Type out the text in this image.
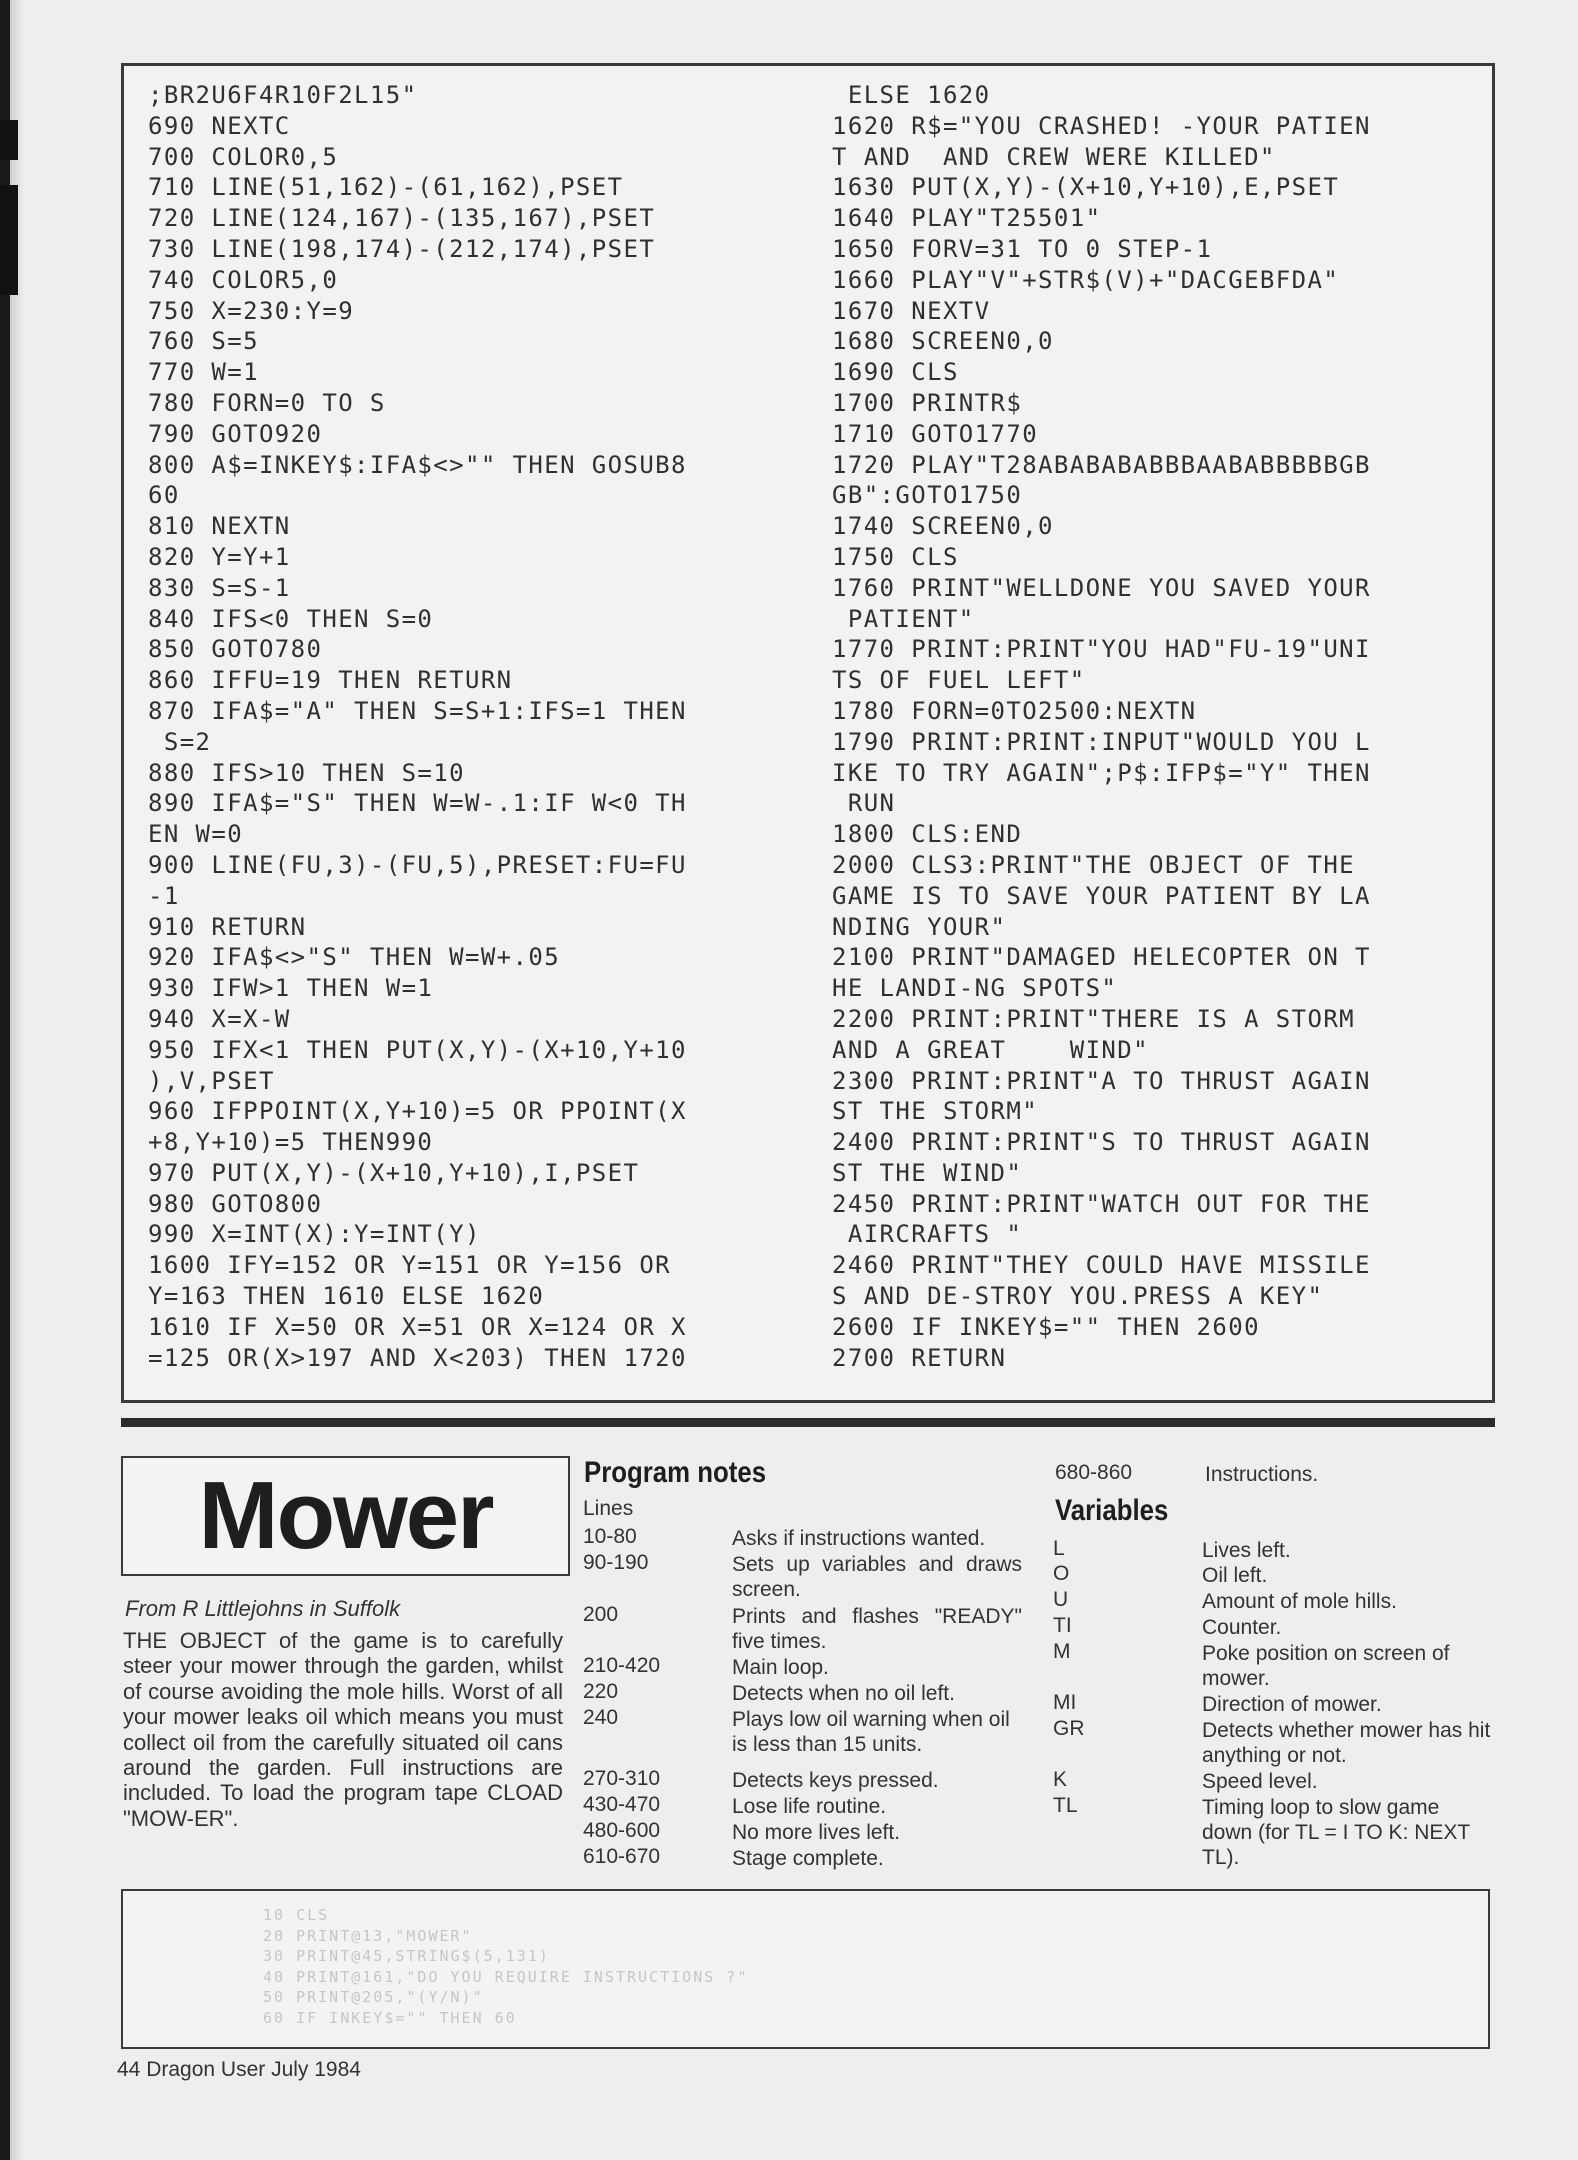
;BR2U6F4R10F2L15"
690 NEXTC
700 COLOR0,5
710 LINE(51,162)-(61,162),PSET
720 LINE(124,167)-(135,167),PSET
730 LINE(198,174)-(212,174),PSET
740 COLOR5,0
750 X=230:Y=9
760 S=5
770 W=1
780 FORN=0 TO S
790 GOTO920
800 A$=INKEY$:IFA$<>"" THEN GOSUB8
60
810 NEXTN
820 Y=Y+1
830 S=S-1
840 IFS<0 THEN S=0
850 GOTO780
860 IFFU=19 THEN RETURN
870 IFA$="A" THEN S=S+1:IFS=1 THEN
S=2
880 IFS>10 THEN S=10
890 IFA$="S" THEN W=W-.1:IF W<0 TH
EN W=0
900 LINE(FU,3)-(FU,5),PRESET:FU=FU
-1
910 RETURN
920 IFA$<>"S" THEN W=W+.05
930 IFW>1 THEN W=1
940 X=X-W
950 IFX<1 THEN PUT(X,Y)-(X+10,Y+10
),V,PSET
960 IFPPOINT(X,Y+10)=5 OR PPOINT(X
+8,Y+10)=5 THEN990
970 PUT(X,Y)-(X+10,Y+10),I,PSET
980 GOTO800
990 X=INT(X):Y=INT(Y)
1600 IFY=152 OR Y=151 OR Y=156 OR
Y=163 THEN 1610 ELSE 1620
1610 IF X=50 OR X=51 OR X=124 OR X
=125 OR(X>197 AND X<203) THEN 1720
ELSE 1620
1620 R$="YOU CRASHED! -YOUR PATIEN
T AND  AND CREW WERE KILLED"
1630 PUT(X,Y)-(X+10,Y+10),E,PSET
1640 PLAY"T25501"
1650 FORV=31 TO 0 STEP-1
1660 PLAY"V"+STR$(V)+"DACGEBFDA"
1670 NEXTV
1680 SCREEN0,0
1690 CLS
1700 PRINTR$
1710 GOTO1770
1720 PLAY"T28ABABABABBBAABABBBBBGB
GB":GOTO1750
1740 SCREEN0,0
1750 CLS
1760 PRINT"WELLDONE YOU SAVED YOUR
PATIENT"
1770 PRINT:PRINT"YOU HAD"FU-19"UNI
TS OF FUEL LEFT"
1780 FORN=0TO2500:NEXTN
1790 PRINT:PRINT:INPUT"WOULD YOU L
IKE TO TRY AGAIN";P$:IFP$="Y" THEN
RUN
1800 CLS:END
2000 CLS3:PRINT"THE OBJECT OF THE
GAME IS TO SAVE YOUR PATIENT BY LA
NDING YOUR"
2100 PRINT"DAMAGED HELECOPTER ON T
HE LANDI-NG SPOTS"
2200 PRINT:PRINT"THERE IS A STORM
AND A GREAT    WIND"
2300 PRINT:PRINT"A TO THRUST AGAIN
ST THE STORM"
2400 PRINT:PRINT"S TO THRUST AGAIN
ST THE WIND"
2450 PRINT:PRINT"WATCH OUT FOR THE
AIRCRAFTS "
2460 PRINT"THEY COULD HAVE MISSILE
S AND DE-STROY YOU.PRESS A KEY"
2600 IF INKEY$="" THEN 2600
2700 RETURN
Mower
From R Littlejohns in Suffolk
THE OBJECT of the game is to carefully steer your mower through the garden, whilst of course avoiding the mole hills. Worst of all your mower leaks oil which means you must collect oil from the carefully situated oil cans around the garden. Full instructions are included. To load the program tape CLOAD "MOW-ER".
Program notes
Lines
10-80	Asks if instructions wanted.
90-190	Sets up variables and draws screen.
200	Prints and flashes "READY" five times.
210-420	Main loop.
220	Detects when no oil left.
240	Plays low oil warning when oil is less than 15 units.
270-310	Detects keys pressed.
430-470	Lose life routine.
480-600	No more lives left.
610-670	Stage complete.
680-860	Instructions.
Variables
L	Lives left.
O	Oil left.
U	Amount of mole hills.
TI	Counter.
M	Poke position on screen of mower.
MI	Direction of mower.
GR	Detects whether mower has hit anything or not.
K	Speed level.
TL	Timing loop to slow game down (for TL = I TO K: NEXT TL).
10 CLS
20 PRINT@13,"MOWER"
30 PRINT@45,STRING$(5,131)
40 PRINT@161,"DO YOU REQUIRE INSTRUCTIONS ?"
50 PRINT@205,"(Y/N)"
60 IF INKEY$="" THEN 60
44 Dragon User July 1984
